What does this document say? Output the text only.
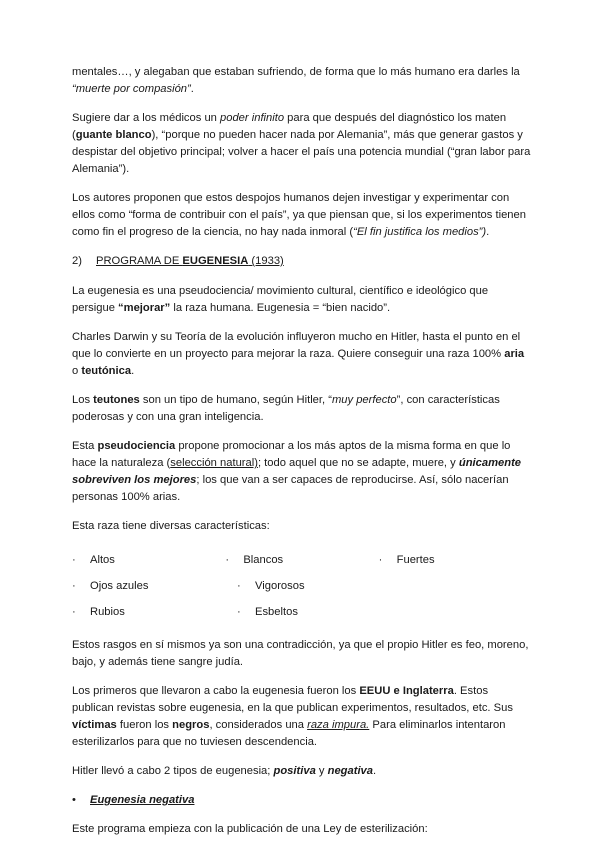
mentales…, y alegaban que estaban sufriendo, de forma que lo más humano era darles la “muerte por compasión”.

Sugiere dar a los médicos un poder infinito para que después del diagnóstico los maten (guante blanco), “porque no pueden hacer nada por Alemania”, más que generar gastos y despistar del objetivo principal; volver a hacer el país una potencia mundial (“gran labor para Alemania”).

Los autores proponen que estos despojos humanos dejen investigar y experimentar con ellos como “forma de contribuir con el país”, ya que piensan que, si los experimentos tienen como fin el progreso de la ciencia, no hay nada inmoral (“El fin justifica los medios”).

2) PROGRAMA DE EUGENESIA (1933)

La eugenesia es una pseudociencia/ movimiento cultural, científico e ideológico que persigue “mejorar” la raza humana. Eugenesia = “bien nacido”.

Charles Darwin y su Teoría de la evolución influyeron mucho en Hitler, hasta el punto en el que lo convierte en un proyecto para mejorar la raza. Quiere conseguir una raza 100% aria o teutónica.

Los teutones son un tipo de humano, según Hitler, “muy perfecto”, con características poderosas y con una gran inteligencia.

Esta pseudociencia propone promocionar a los más aptos de la misma forma en que lo hace la naturaleza (selección natural); todo aquel que no se adapte, muere, y únicamente sobreviven los mejores; los que van a ser capaces de reproducirse. Así, sólo nacerían personas 100% arias.

Esta raza tiene diversas características:

·	Altos	·	Blancos	·	Fuertes
·	Ojos azules	·	Vigorosos
·	Rubios	·	Esbeltos

Estos rasgos en sí mismos ya son una contradicción, ya que el propio Hitler es feo, moreno, bajo, y además tiene sangre judía.

Los primeros que llevaron a cabo la eugenesia fueron los EEUU e Inglaterra. Estos publican revistas sobre eugenesia, en la que publican experimentos, resultados, etc. Sus víctimas fueron los negros, considerados una raza impura. Para eliminarlos intentaron esterilizarlos para que no tuviesen descendencia.

Hitler llevó a cabo 2 tipos de eugenesia; positiva y negativa.

•	Eugenesia negativa

Este programa empieza con la publicación de una Ley de esterilización:
